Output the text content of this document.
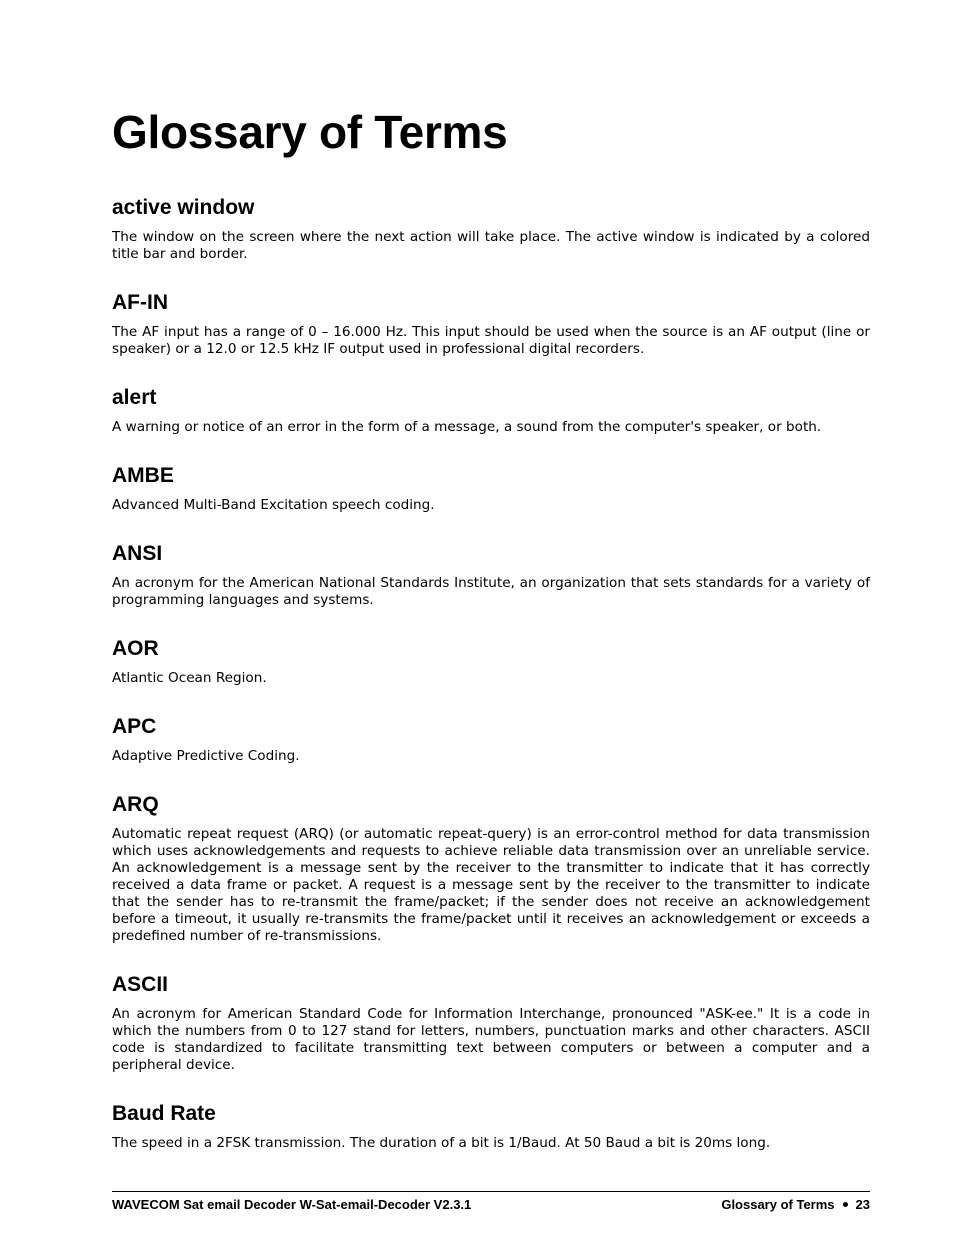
Glossary of Terms
active window

The window on the screen where the next action will take place. The active window is indicated by a colored title bar and border.

AF-IN

The AF input has a range of 0 – 16.000 Hz. This input should be used when the source is an AF output (line or speaker) or a 12.0 or 12.5 kHz IF output used in professional digital recorders.

alert

A warning or notice of an error in the form of a message, a sound from the computer's speaker, or both.

AMBE

Advanced Multi-Band Excitation speech coding.

ANSI

An acronym for the American National Standards Institute, an organization that sets standards for a variety of programming languages and systems.

AOR

Atlantic Ocean Region.

APC

Adaptive Predictive Coding.

ARQ

Automatic repeat request (ARQ) (or automatic repeat-query) is an error-control method for data transmission which uses acknowledgements and requests to achieve reliable data transmission over an unreliable service. An acknowledgement is a message sent by the receiver to the transmitter to indicate that it has correctly received a data frame or packet. A request is a message sent by the receiver to the transmitter to indicate that the sender has to re-transmit the frame/packet; if the sender does not receive an acknowledgement before a timeout, it usually re-transmits the frame/packet until it receives an acknowledgement or exceeds a predefined number of re-transmissions.

ASCII

An acronym for American Standard Code for Information Interchange, pronounced "ASK-ee." It is a code in which the numbers from 0 to 127 stand for letters, numbers, punctuation marks and other characters. ASCII code is standardized to facilitate transmitting text between computers or between a computer and a peripheral device.

Baud Rate

The speed in a 2FSK transmission. The duration of a bit is 1/Baud. At 50 Baud a bit is 20ms long.

WAVECOM Sat email Decoder W-Sat-email-Decoder V2.3.1	Glossary of Terms 23
